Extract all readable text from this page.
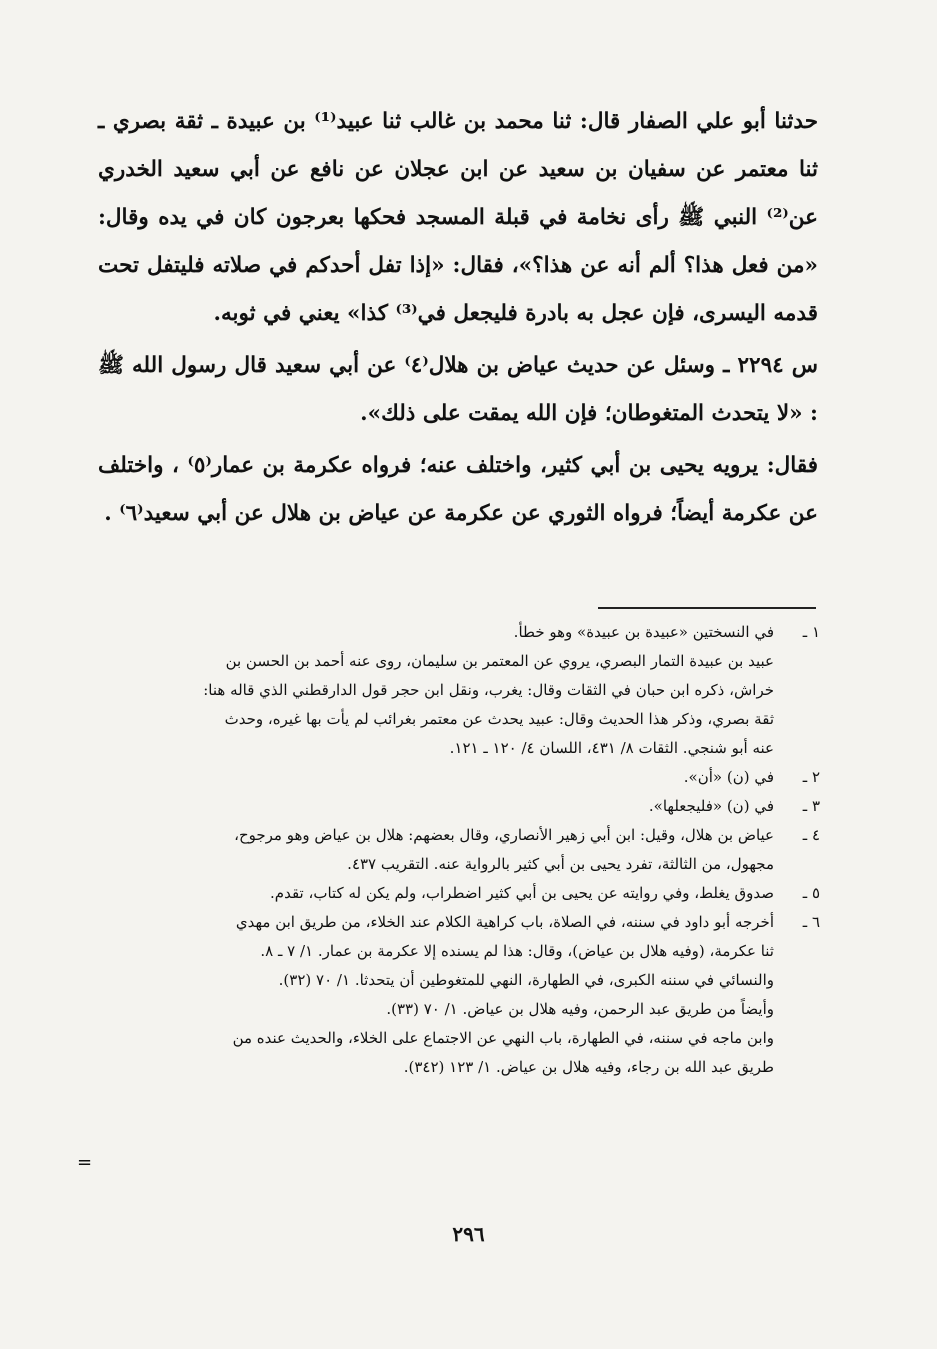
حدثنا أبو علي الصفار قال: ثنا محمد بن غالب ثنا عبيد⁽¹⁾ بن عبيدة ـ ثقة بصري ـ ثنا معتمر عن سفيان بن سعيد عن ابن عجلان عن نافع عن أبي سعيد الخدري عن⁽²⁾ النبي ﷺ رأى نخامة في قبلة المسجد فحكها بعرجون كان في يده وقال: «من فعل هذا؟ ألم أنه عن هذا؟»، فقال: «إذا تفل أحدكم في صلاته فليتفل تحت قدمه اليسرى، فإن عجل به بادرة فليجعل في⁽³⁾ كذا» يعني في ثوبه.

س ٢٢٩٤ ـ وسئل عن حديث عياض بن هلال⁽٤⁾ عن أبي سعيد قال رسول الله ﷺ : «لا يتحدث المتغوطان؛ فإن الله يمقت على ذلك».

فقال: يرويه يحيى بن أبي كثير، واختلف عنه؛ فرواه عكرمة بن عمار⁽٥⁾ ، واختلف عن عكرمة أيضاً؛ فرواه الثوري عن عكرمة عن عياض بن هلال عن أبي سعيد⁽٦⁾ .

١ ـ
في النسختين «عبيدة بن عبيدة» وهو خطأ.
عبيد بن عبيدة التمار البصري، يروي عن المعتمر بن سليمان، روى عنه أحمد بن الحسن بن
خراش، ذكره ابن حبان في الثقات وقال: يغرب، ونقل ابن حجر قول الدارقطني الذي قاله هنا:
ثقة بصري، وذكر هذا الحديث وقال: عبيد يحدث عن معتمر بغرائب لم يأت بها غيره، وحدث
عنه أبو شنجي. الثقات ٨/ ٤٣١، اللسان ٤/ ١٢٠ ـ ١٢١.
٢ ـ
في (ن) «أن».
٣ ـ
في (ن) «فليجعلها».
٤ ـ
عياض بن هلال، وقيل: ابن أبي زهير الأنصاري، وقال بعضهم: هلال بن عياض وهو مرجوح،
مجهول، من الثالثة، تفرد يحيى بن أبي كثير بالرواية عنه. التقريب ٤٣٧.
٥ ـ
صدوق يغلط، وفي روايته عن يحيى بن أبي كثير اضطراب، ولم يكن له كتاب، تقدم.
٦ ـ
أخرجه أبو داود في سننه، في الصلاة، باب كراهية الكلام عند الخلاء، من طريق ابن مهدي
ثنا عكرمة، (وفيه هلال بن عياض)، وقال: هذا لم يسنده إلا عكرمة بن عمار. ١/ ٧ ـ ٨.
والنسائي في سننه الكبرى، في الطهارة، النهي للمتغوطين أن يتحدثا. ١/ ٧٠ (٣٢).
وأيضاً من طريق عبد الرحمن، وفيه هلال بن عياض. ١/ ٧٠ (٣٣).
وابن ماجه في سننه، في الطهارة، باب النهي عن الاجتماع على الخلاء، والحديث عنده من
طريق عبد الله بن رجاء، وفيه هلال بن عياض. ١/ ١٢٣ (٣٤٢).
=
٢٩٦
